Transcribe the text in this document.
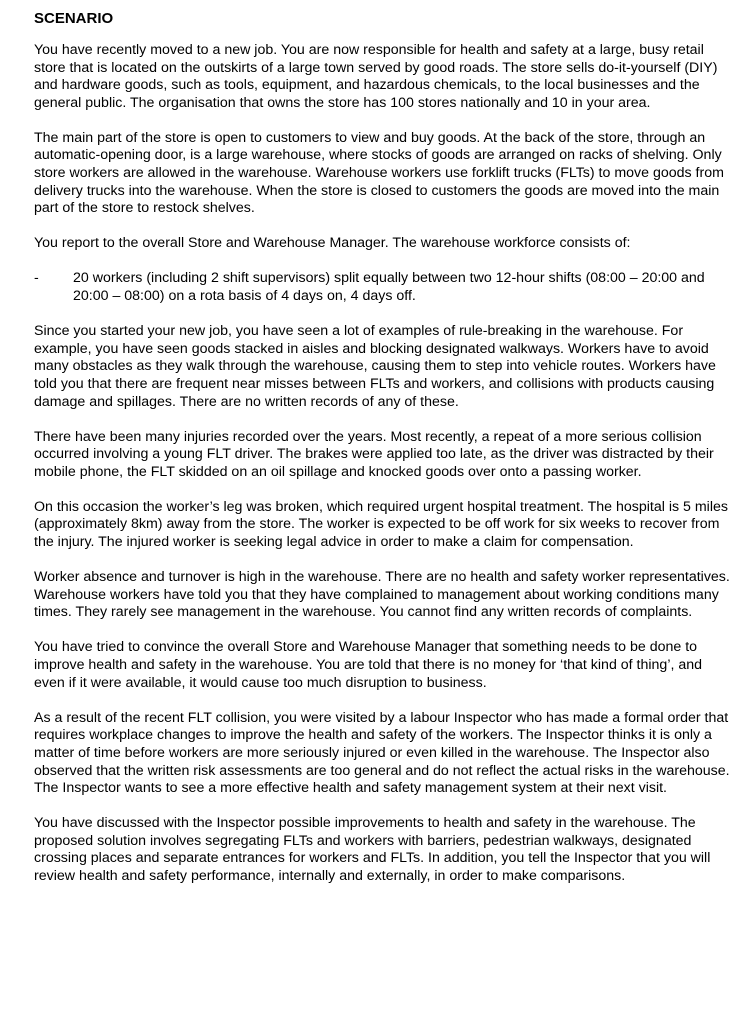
SCENARIO

You have recently moved to a new job. You are now responsible for health and safety at a large, busy retail store that is located on the outskirts of a large town served by good roads. The store sells do-it-yourself (DIY) and hardware goods, such as tools, equipment, and hazardous chemicals, to the local businesses and the general public. The organisation that owns the store has 100 stores nationally and 10 in your area.

The main part of the store is open to customers to view and buy goods. At the back of the store, through an automatic-opening door, is a large warehouse, where stocks of goods are arranged on racks of shelving. Only store workers are allowed in the warehouse. Warehouse workers use forklift trucks (FLTs) to move goods from delivery trucks into the warehouse. When the store is closed to customers the goods are moved into the main part of the store to restock shelves.

You report to the overall Store and Warehouse Manager. The warehouse workforce consists of:

-	20 workers (including 2 shift supervisors) split equally between two 12-hour shifts (08:00 – 20:00 and 20:00 – 08:00) on a rota basis of 4 days on, 4 days off.

Since you started your new job, you have seen a lot of examples of rule-breaking in the warehouse. For example, you have seen goods stacked in aisles and blocking designated walkways. Workers have to avoid many obstacles as they walk through the warehouse, causing them to step into vehicle routes. Workers have told you that there are frequent near misses between FLTs and workers, and collisions with products causing damage and spillages. There are no written records of any of these.

There have been many injuries recorded over the years. Most recently, a repeat of a more serious collision occurred involving a young FLT driver. The brakes were applied too late, as the driver was distracted by their mobile phone, the FLT skidded on an oil spillage and knocked goods over onto a passing worker.

On this occasion the worker’s leg was broken, which required urgent hospital treatment. The hospital is 5 miles (approximately 8km) away from the store. The worker is expected to be off work for six weeks to recover from the injury. The injured worker is seeking legal advice in order to make a claim for compensation.

Worker absence and turnover is high in the warehouse. There are no health and safety worker representatives. Warehouse workers have told you that they have complained to management about working conditions many times. They rarely see management in the warehouse. You cannot find any written records of complaints.

You have tried to convince the overall Store and Warehouse Manager that something needs to be done to improve health and safety in the warehouse. You are told that there is no money for ‘that kind of thing’, and even if it were available, it would cause too much disruption to business.

As a result of the recent FLT collision, you were visited by a labour Inspector who has made a formal order that requires workplace changes to improve the health and safety of the workers. The Inspector thinks it is only a matter of time before workers are more seriously injured or even killed in the warehouse. The Inspector also observed that the written risk assessments are too general and do not reflect the actual risks in the warehouse. The Inspector wants to see a more effective health and safety management system at their next visit.

You have discussed with the Inspector possible improvements to health and safety in the warehouse. The proposed solution involves segregating FLTs and workers with barriers, pedestrian walkways, designated crossing places and separate entrances for workers and FLTs. In addition, you tell the Inspector that you will review health and safety performance, internally and externally, in order to make comparisons.
